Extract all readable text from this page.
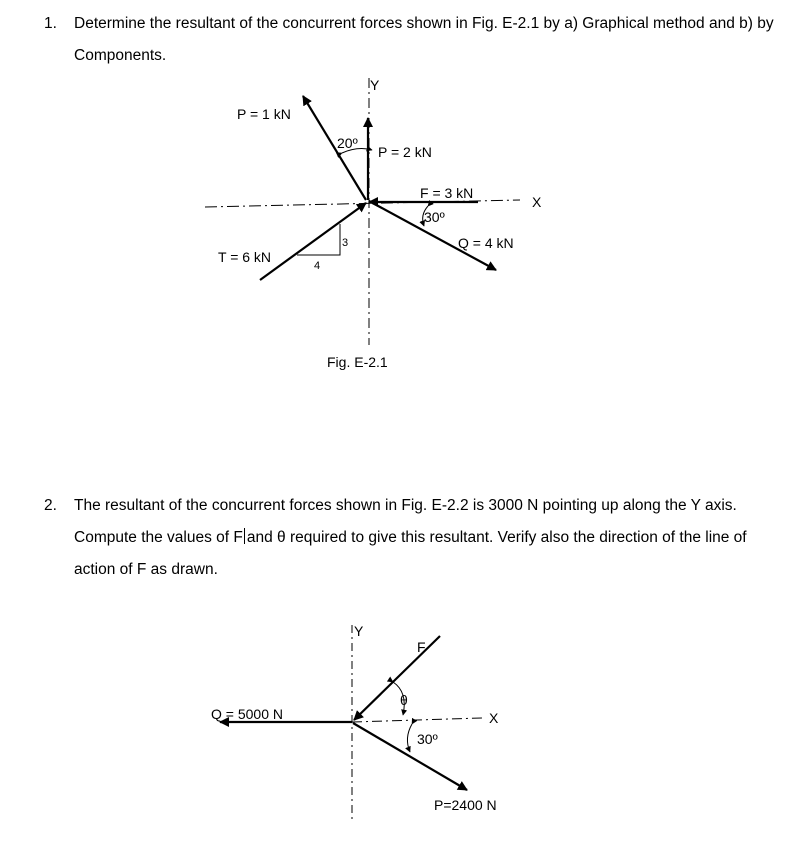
1. Determine the resultant of the concurrent forces shown in Fig. E-2.1 by a) Graphical method and b) by Components.
2. The resultant of the concurrent forces shown in Fig. E-2.2 is 3000 N pointing up along the Y axis. Compute the values of F and θ required to give this resultant. Verify also the direction of the line of action of F as drawn.
Y
X
P = 2 kN
P = 1 kN
20º
F = 3 kN
30º
Q = 4 kN
T = 6 kN
3
4
Fig. E-2.1
Y
X
Q = 5000 N
F
θ
30º
P=2400 N
